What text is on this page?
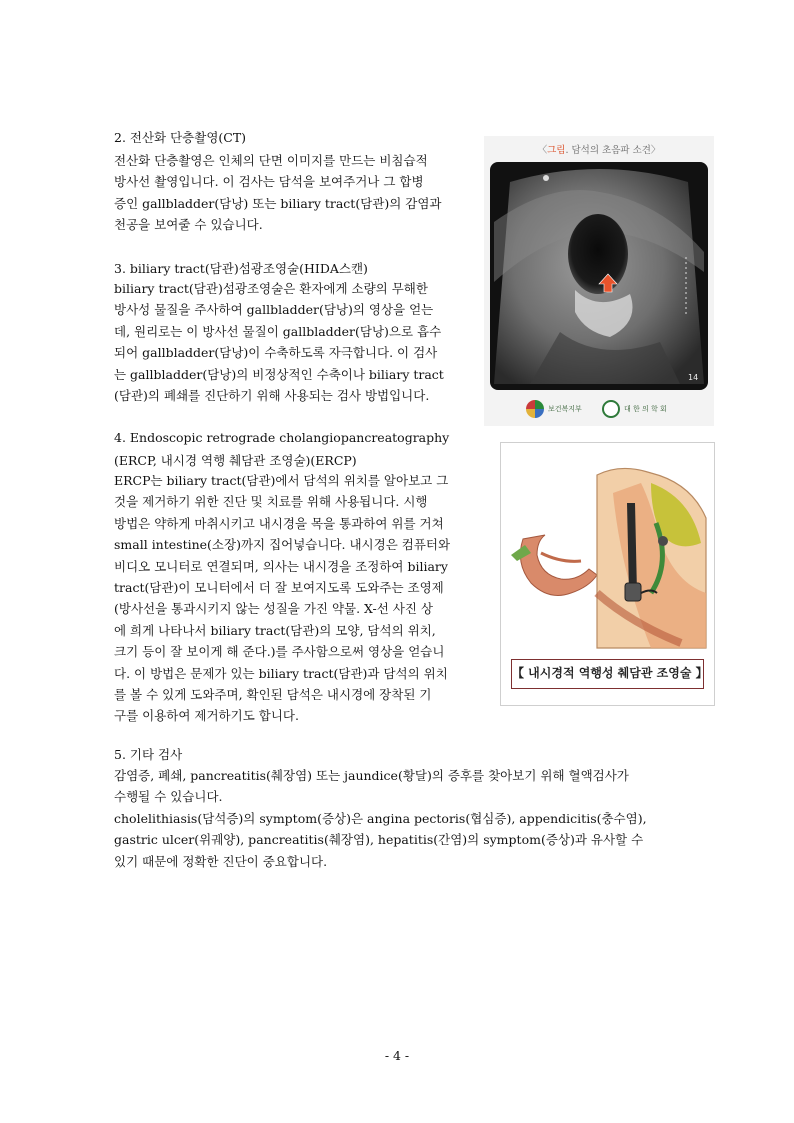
2. 전산화 단층촬영(CT)
전산화 단층촬영은 인체의 단면 이미지를 만드는 비침습적
방사선 촬영입니다. 이 검사는 담석을 보여주거나 그 합병
증인 gallbladder(담낭) 또는 biliary tract(담관)의 감염과
천공을 보여줄 수 있습니다.
3. biliary tract(담관)섬광조영술(HIDA스캔)
biliary tract(담관)섬광조영술은 환자에게 소량의 무해한
방사성 물질을 주사하여 gallbladder(담낭)의 영상을 얻는
데, 원리로는 이 방사선 물질이 gallbladder(담낭)으로 흡수
되어 gallbladder(담낭)이 수축하도록 자극합니다. 이 검사
는 gallbladder(담낭)의 비정상적인 수축이나 biliary tract
(담관)의 폐쇄를 진단하기 위해 사용되는 검사 방법입니다.
4. Endoscopic retrograde cholangiopancreatography
(ERCP, 내시경 역행 췌담관 조영술)(ERCP)
ERCP는 biliary tract(담관)에서 담석의 위치를 알아보고 그
것을 제거하기 위한 진단 및 치료를 위해 사용됩니다. 시행
방법은 약하게 마취시키고 내시경을 목을 통과하여 위를 거쳐
small intestine(소장)까지 집어넣습니다. 내시경은 컴퓨터와
비디오 모니터로 연결되며, 의사는 내시경을 조정하여 biliary
tract(담관)이 모니터에서 더 잘 보여지도록 도와주는 조영제
(방사선을 통과시키지 않는 성질을 가진 약물. X-선 사진 상
에 희게 나타나서 biliary tract(담관)의 모양, 담석의 위치,
크기 등이 잘 보이게 해 준다.)를 주사함으로써 영상을 얻습니
다. 이 방법은 문제가 있는 biliary tract(담관)과 담석의 위치
를 볼 수 있게 도와주며, 확인된 담석은 내시경에 장착된 기
구를 이용하여 제거하기도 합니다.
5. 기타 검사
감염증, 폐쇄, pancreatitis(췌장염) 또는 jaundice(황달)의 증후를 찾아보기 위해 혈액검사가
수행될 수 있습니다.
cholelithiasis(담석증)의 symptom(증상)은 angina pectoris(협심증), appendicitis(충수염),
gastric ulcer(위궤양), pancreatitis(췌장염), hepatitis(간염)의 symptom(증상)과 유사할 수
있기 때문에 정확한 진단이 중요합니다.
〈그림. 담석의 초음파 소견〉
14
보건복지부	대 한 의 학 회
【 내시경적 역행성 췌담관 조영술 】
- 4 -
